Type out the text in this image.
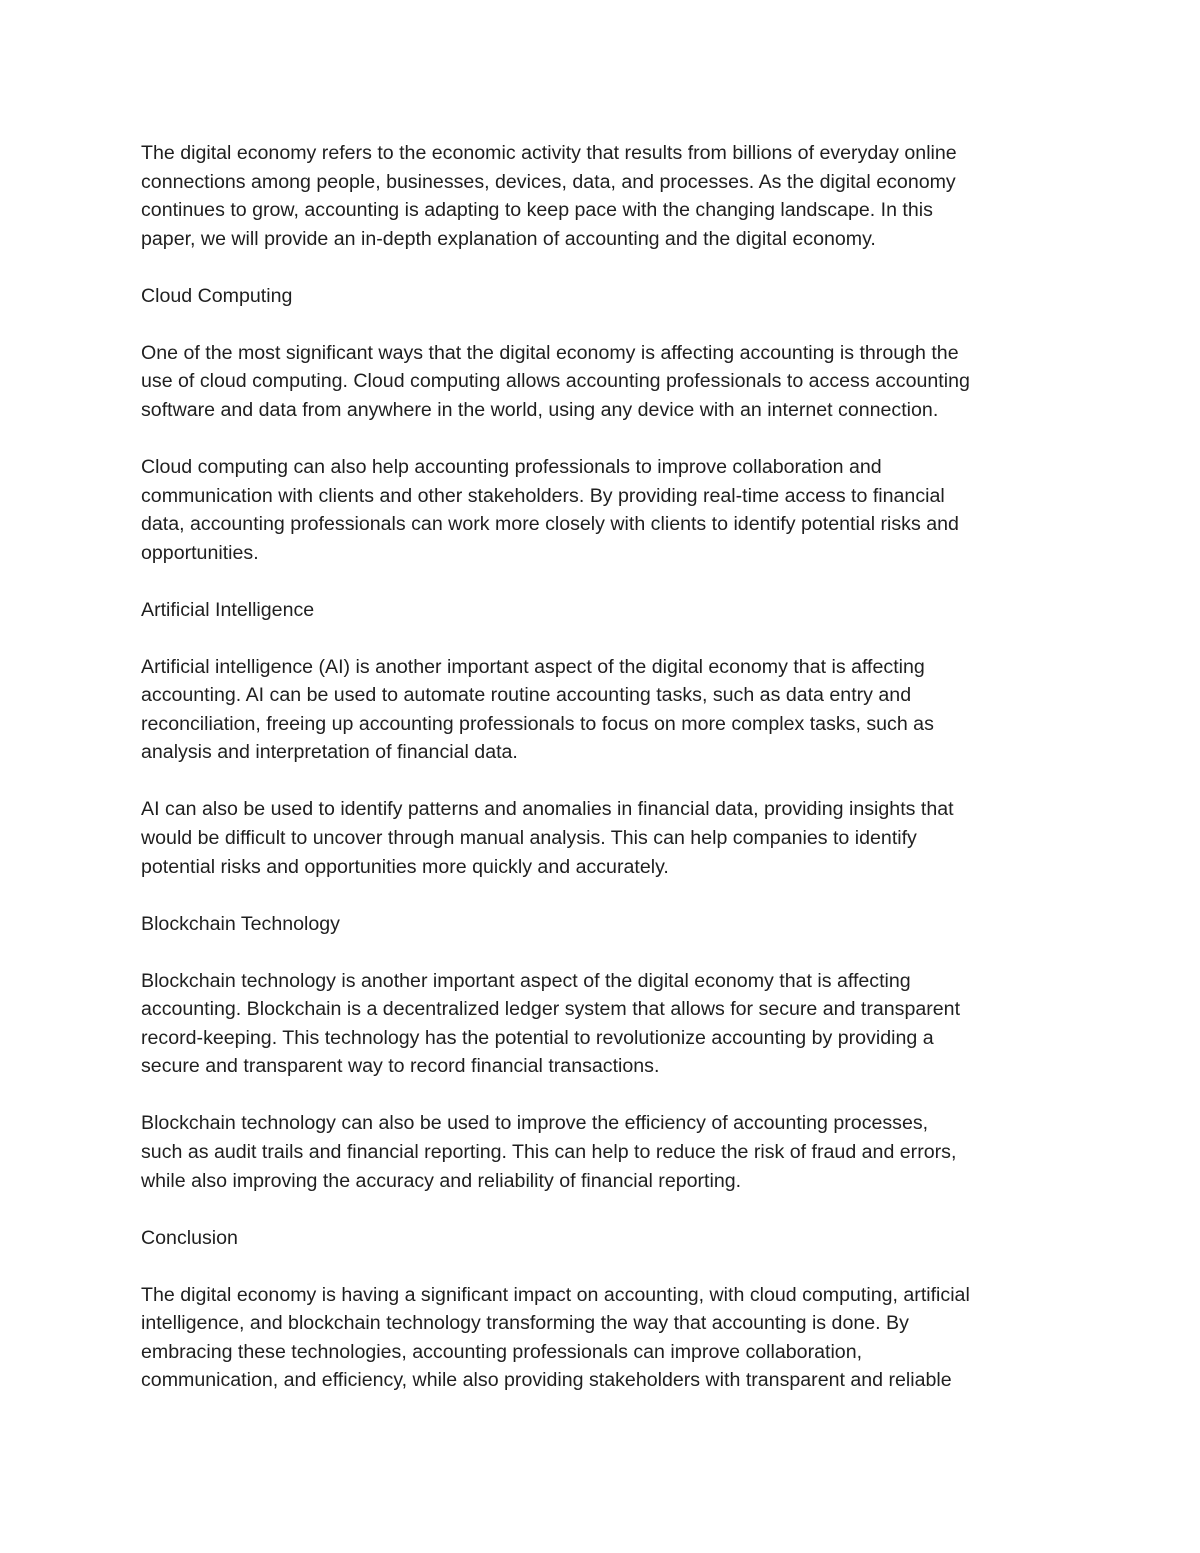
The digital economy refers to the economic activity that results from billions of everyday online
connections among people, businesses, devices, data, and processes. As the digital economy
continues to grow, accounting is adapting to keep pace with the changing landscape. In this
paper, we will provide an in-depth explanation of accounting and the digital economy.

Cloud Computing

One of the most significant ways that the digital economy is affecting accounting is through the
use of cloud computing. Cloud computing allows accounting professionals to access accounting
software and data from anywhere in the world, using any device with an internet connection.

Cloud computing can also help accounting professionals to improve collaboration and
communication with clients and other stakeholders. By providing real-time access to financial
data, accounting professionals can work more closely with clients to identify potential risks and
opportunities.

Artificial Intelligence

Artificial intelligence (AI) is another important aspect of the digital economy that is affecting
accounting. AI can be used to automate routine accounting tasks, such as data entry and
reconciliation, freeing up accounting professionals to focus on more complex tasks, such as
analysis and interpretation of financial data.

AI can also be used to identify patterns and anomalies in financial data, providing insights that
would be difficult to uncover through manual analysis. This can help companies to identify
potential risks and opportunities more quickly and accurately.

Blockchain Technology

Blockchain technology is another important aspect of the digital economy that is affecting
accounting. Blockchain is a decentralized ledger system that allows for secure and transparent
record-keeping. This technology has the potential to revolutionize accounting by providing a
secure and transparent way to record financial transactions.

Blockchain technology can also be used to improve the efficiency of accounting processes,
such as audit trails and financial reporting. This can help to reduce the risk of fraud and errors,
while also improving the accuracy and reliability of financial reporting.

Conclusion

The digital economy is having a significant impact on accounting, with cloud computing, artificial
intelligence, and blockchain technology transforming the way that accounting is done. By
embracing these technologies, accounting professionals can improve collaboration,
communication, and efficiency, while also providing stakeholders with transparent and reliable
